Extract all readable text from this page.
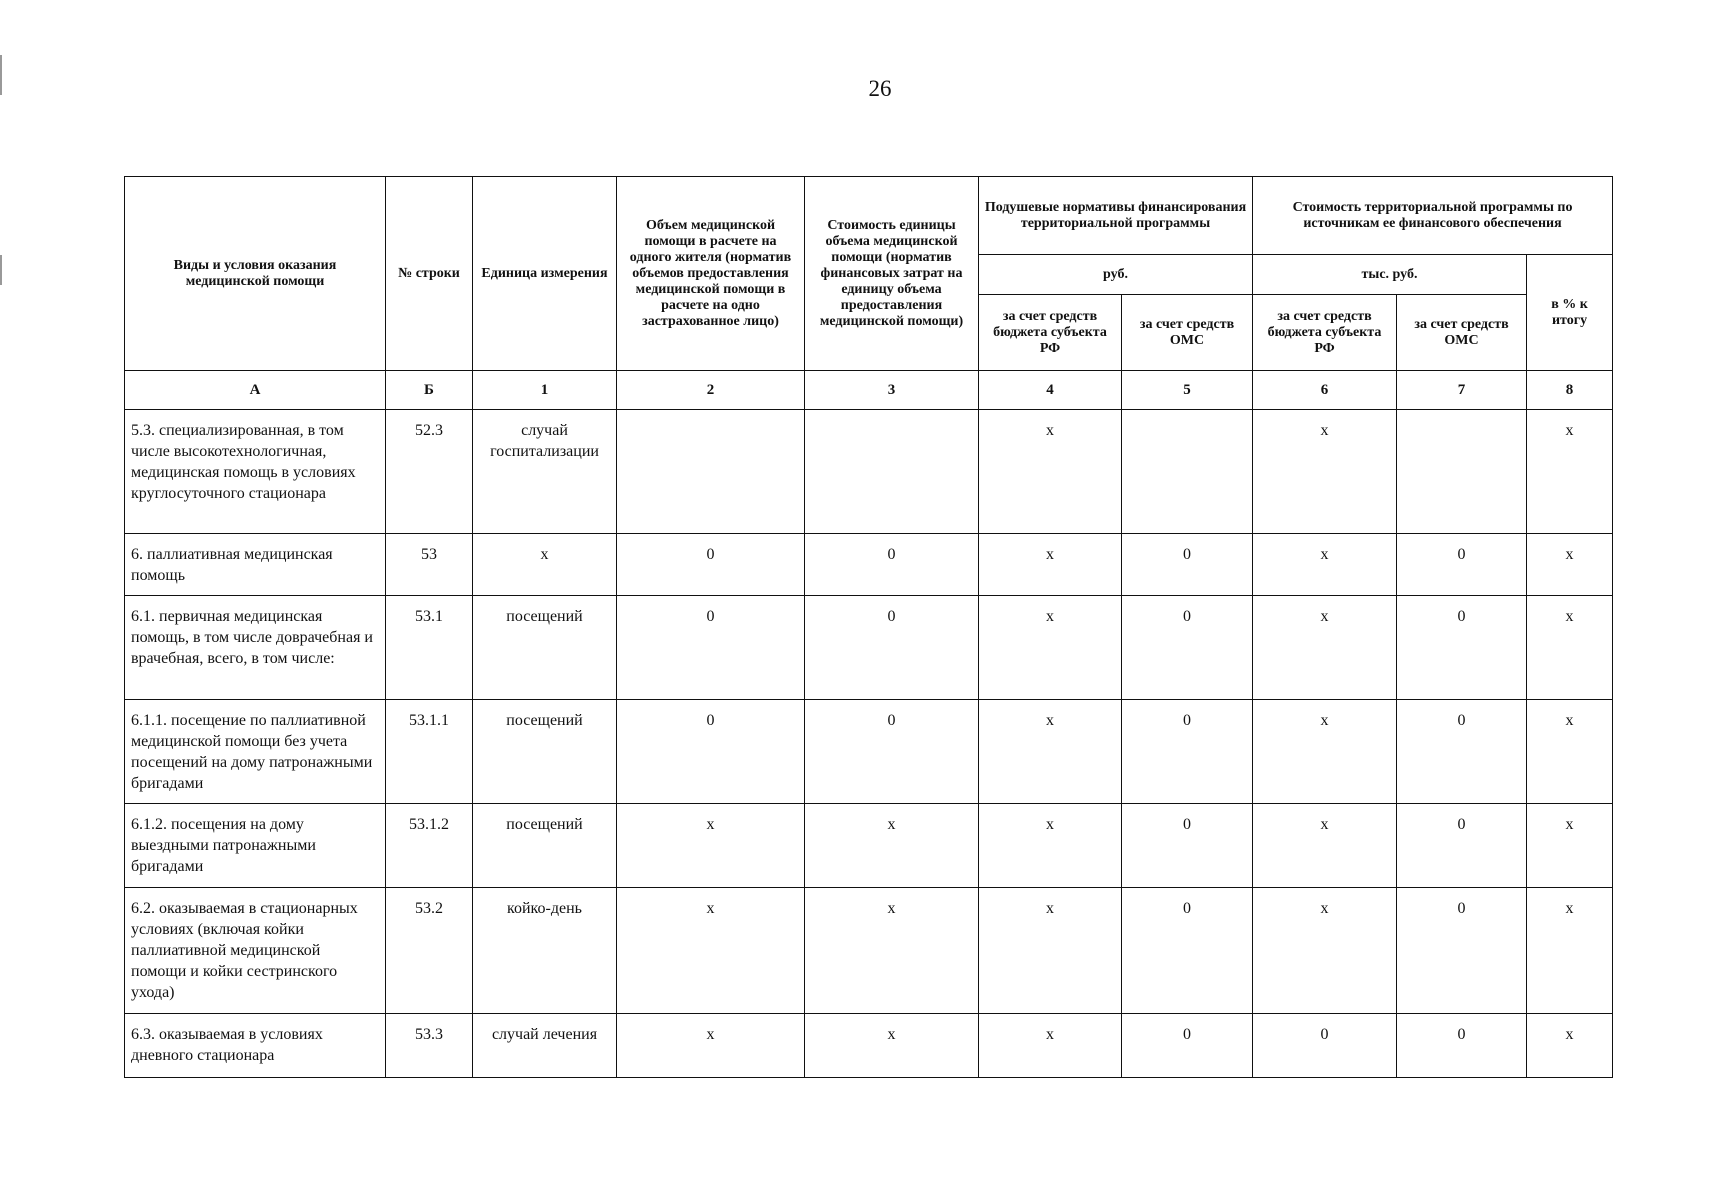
26
Виды и условия оказания медицинской помощи	№ строки	Единица измерения	Объем медицинской помощи в расчете на одного жителя (норматив объемов предоставления медицинской помощи в расчете на одно застрахованное лицо)	Стоимость единицы объема медицинской помощи (норматив финансовых затрат на единицу объема предоставления медицинской помощи)	Подушевые нормативы финансирования территориальной программы		Стоимость территориальной программы по источникам ее финансового обеспечения		
					руб.		тыс. руб.		в % к итогу
					за счет средств бюджета субъекта РФ	за счет средств ОМС	за счет средств бюджета субъекта РФ	за счет средств ОМС	
А	Б	1	2	3	4	5	6	7	8
5.3. специализированная, в том числе высокотехнологичная, медицинская помощь в условиях круглосуточного стационара	52.3	случай госпитализации			x		x		x
6. паллиативная медицинская помощь	53	x	0	0	x	0	x	0	x
6.1. первичная медицинская помощь, в том числе доврачебная и врачебная, всего, в том числе:	53.1	посещений	0	0	x	0	x	0	x
6.1.1. посещение по паллиативной медицинской помощи без учета посещений на дому патронажными бригадами	53.1.1	посещений	0	0	x	0	x	0	x
6.1.2. посещения на дому выездными патронажными бригадами	53.1.2	посещений	x	x	x	0	x	0	x
6.2. оказываемая в стационарных условиях (включая койки паллиативной медицинской помощи и койки сестринского ухода)	53.2	койко-день	x	x	x	0	x	0	x
6.3. оказываемая в условиях дневного стационара	53.3	случай лечения	x	x	x	0	0	0	x
